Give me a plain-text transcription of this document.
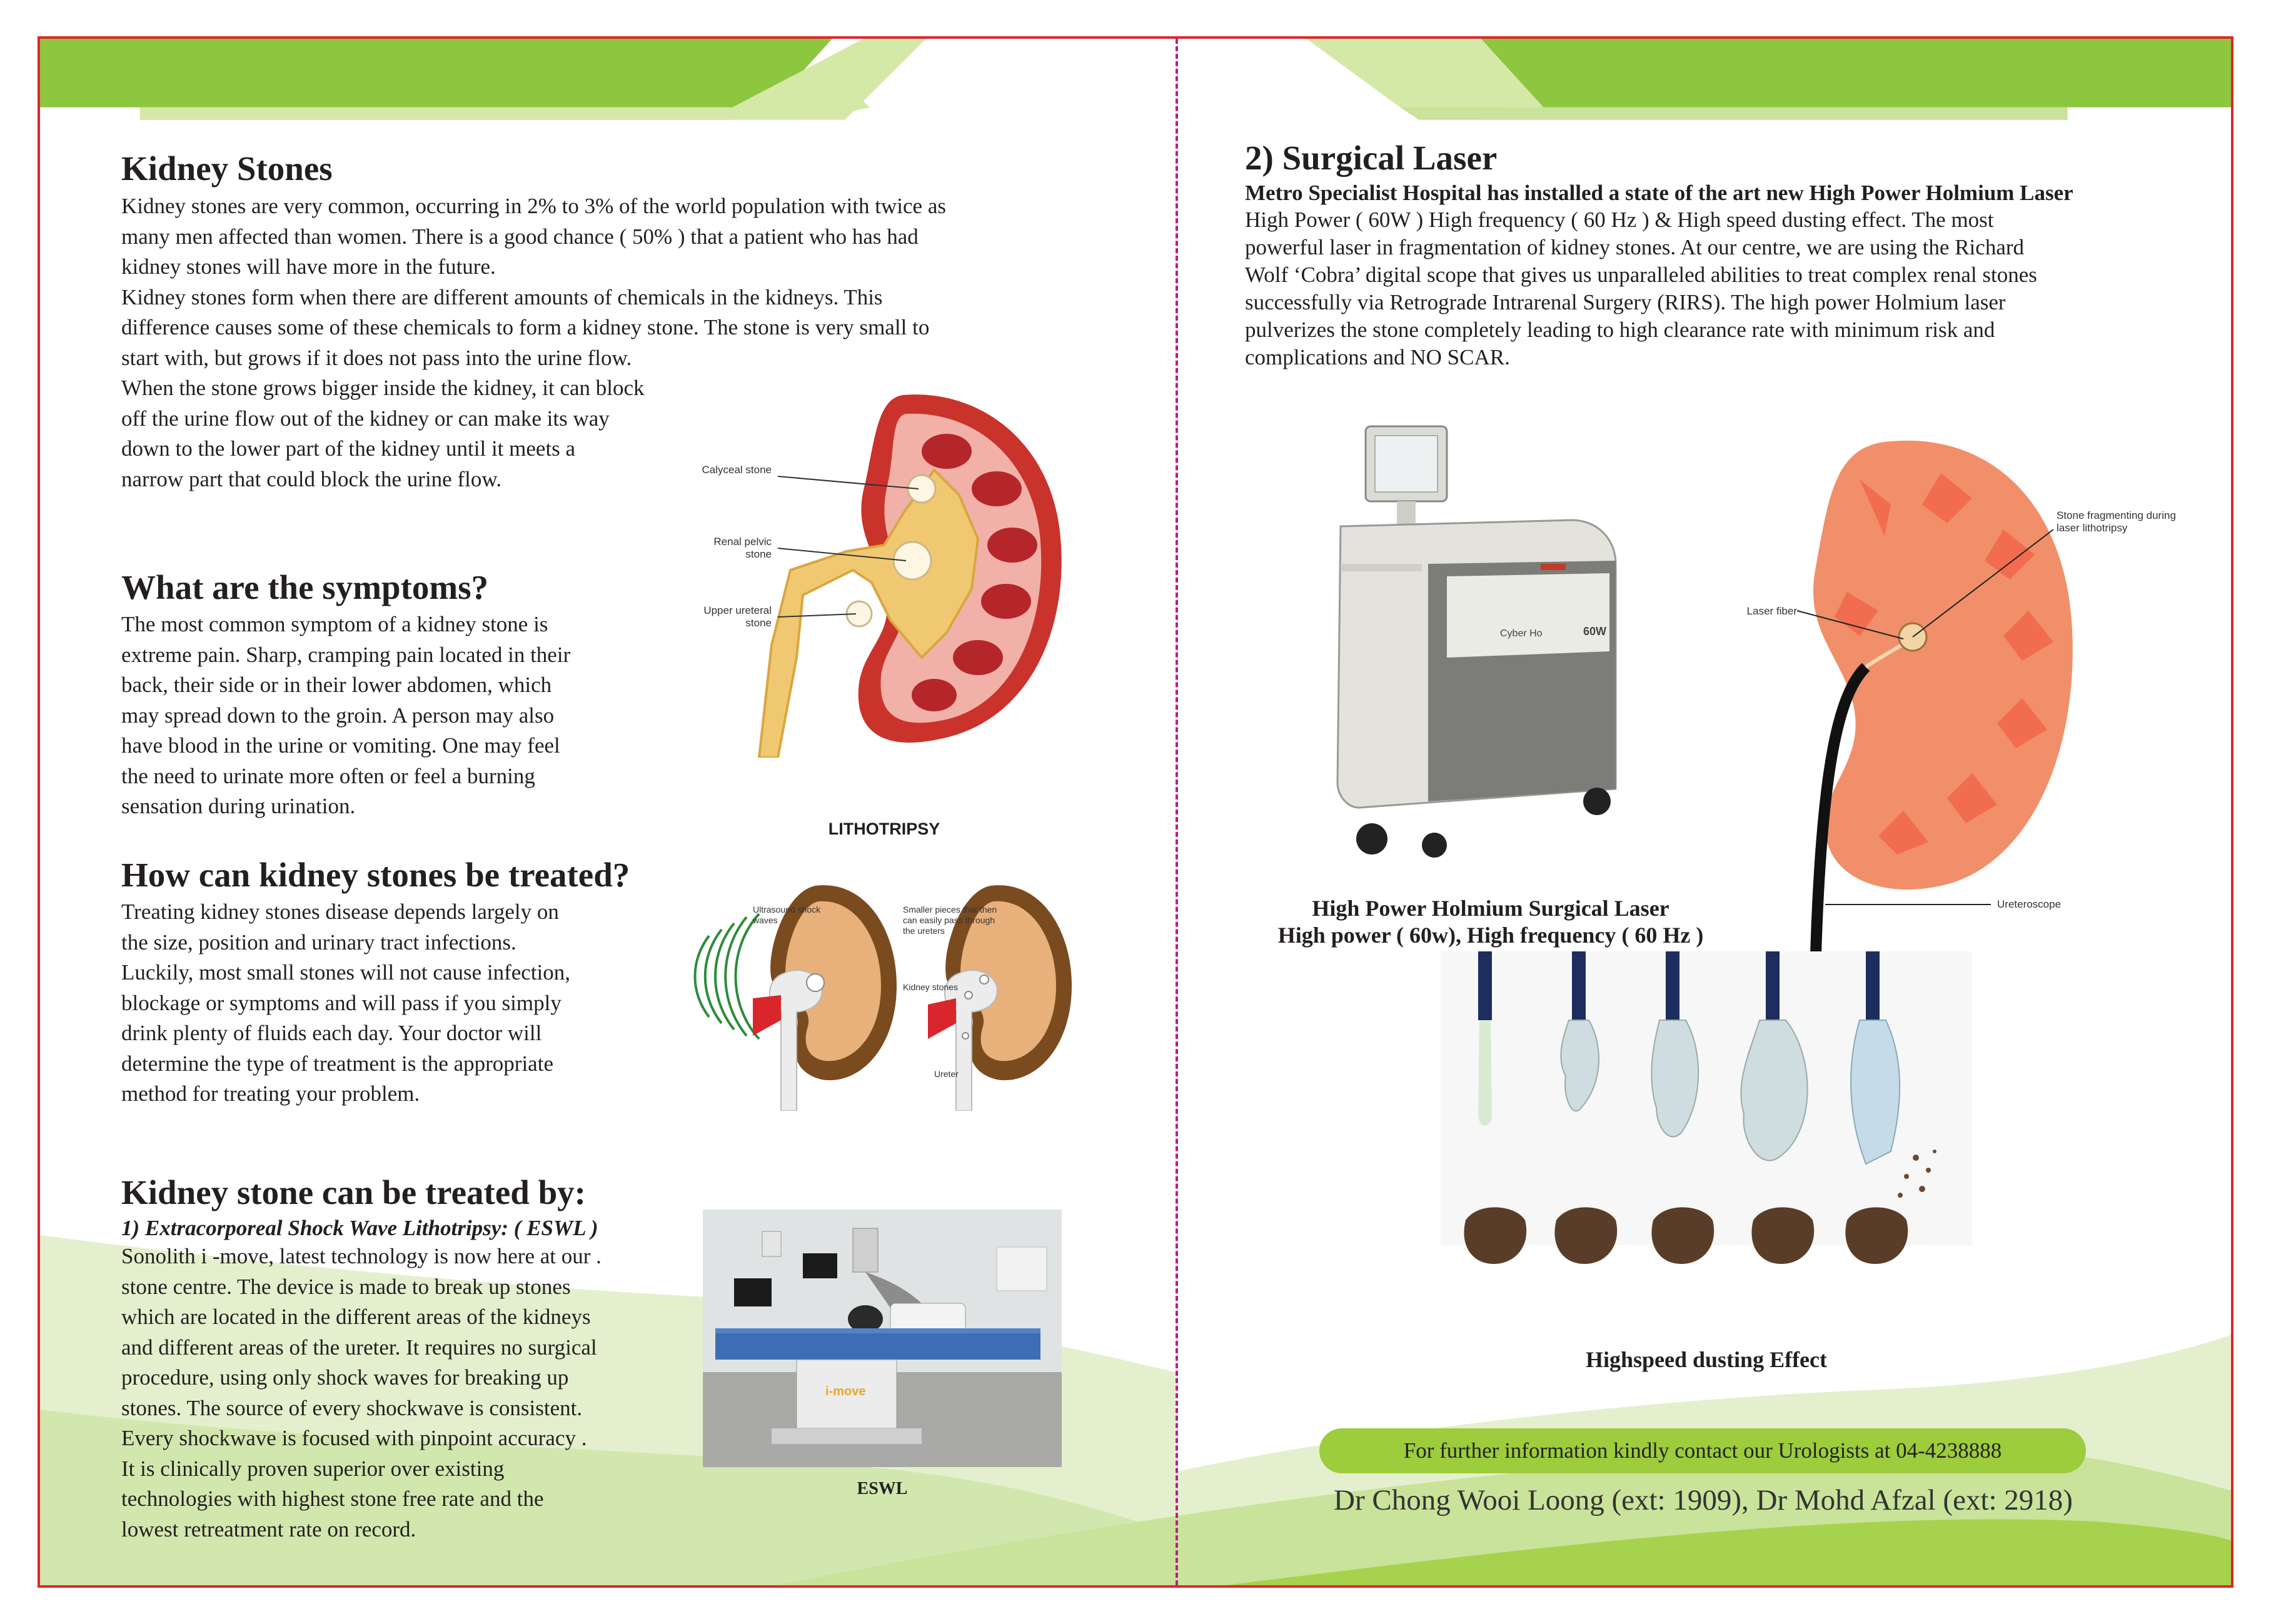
Kidney Stones
Kidney stones are very common, occurring in 2% to 3% of the world population with twice as
many men affected than women. There is a good chance ( 50% ) that a patient who has had
kidney stones will have more in the future.
Kidney stones form when there are different amounts of chemicals in the kidneys. This
difference causes some of these chemicals to form a kidney stone. The stone is very small to
start with, but grows if it does not pass into the urine flow.
When the stone grows bigger inside the kidney, it can block
off the urine flow out of the kidney or can make its way
down to the lower part of the kidney until it meets a
narrow part that could block the urine flow.	Calyceal stone
Renal pelvic stone
Upper ureteral stone
What are the symptoms?
The most common symptom of a kidney stone is
extreme pain. Sharp, cramping pain located in their
back, their side or in their lower abdomen, which
may spread down to the groin. A person may also
have blood in the urine or vomiting. One may feel
the need to urinate more often or feel a burning
sensation during urination.
How can kidney stones be treated?
Treating kidney stones disease depends largely on
the size, position and urinary tract infections.
Luckily, most small stones will not cause infection,
blockage or symptoms and will pass if you simply
drink plenty of fluids each day. Your doctor will
determine the type of treatment is the appropriate
method for treating your problem.
LITHOTRIPSY
Ultrasound shock waves
Smaller pieces that then can easily pass through the ureters
Kidney stones
Ureter
Kidney stone can be treated by:
1) Extracorporeal Shock Wave Lithotripsy: ( ESWL )
Sonolith i -move, latest technology is now here at our .
stone centre. The device is made to break up stones
which are located in the different areas of the kidneys
and different areas of the ureter. It requires no surgical
procedure, using only shock waves for breaking up
stones. The source of every shockwave is consistent.
Every shockwave is focused with pinpoint accuracy .
It is clinically proven superior over existing
technologies with highest stone free rate and the
lowest retreatment rate on record.
i-move
ESWL
2) Surgical Laser
Metro Specialist Hospital has installed a state of the art new High Power Holmium Laser
High Power ( 60W ) High frequency ( 60 Hz ) & High speed dusting effect. The most
powerful laser in fragmentation of kidney stones. At our centre, we are using the Richard
Wolf ‘Cobra’ digital scope that gives us unparalleled abilities to treat complex renal stones
successfully via Retrograde Intrarenal Surgery (RIRS). The high power Holmium laser
pulverizes the stone completely leading to high clearance rate with minimum risk and
complications and NO SCAR.
Cyber Ho	60W
High Power Holmium Surgical Laser
High power ( 60w), High frequency ( 60 Hz )
Stone fragmenting during laser lithotripsy
Laser fiber
Ureteroscope
Highspeed dusting Effect
For further information kindly contact our Urologists at 04-4238888
Dr Chong Wooi Loong (ext: 1909), Dr Mohd Afzal (ext: 2918)
